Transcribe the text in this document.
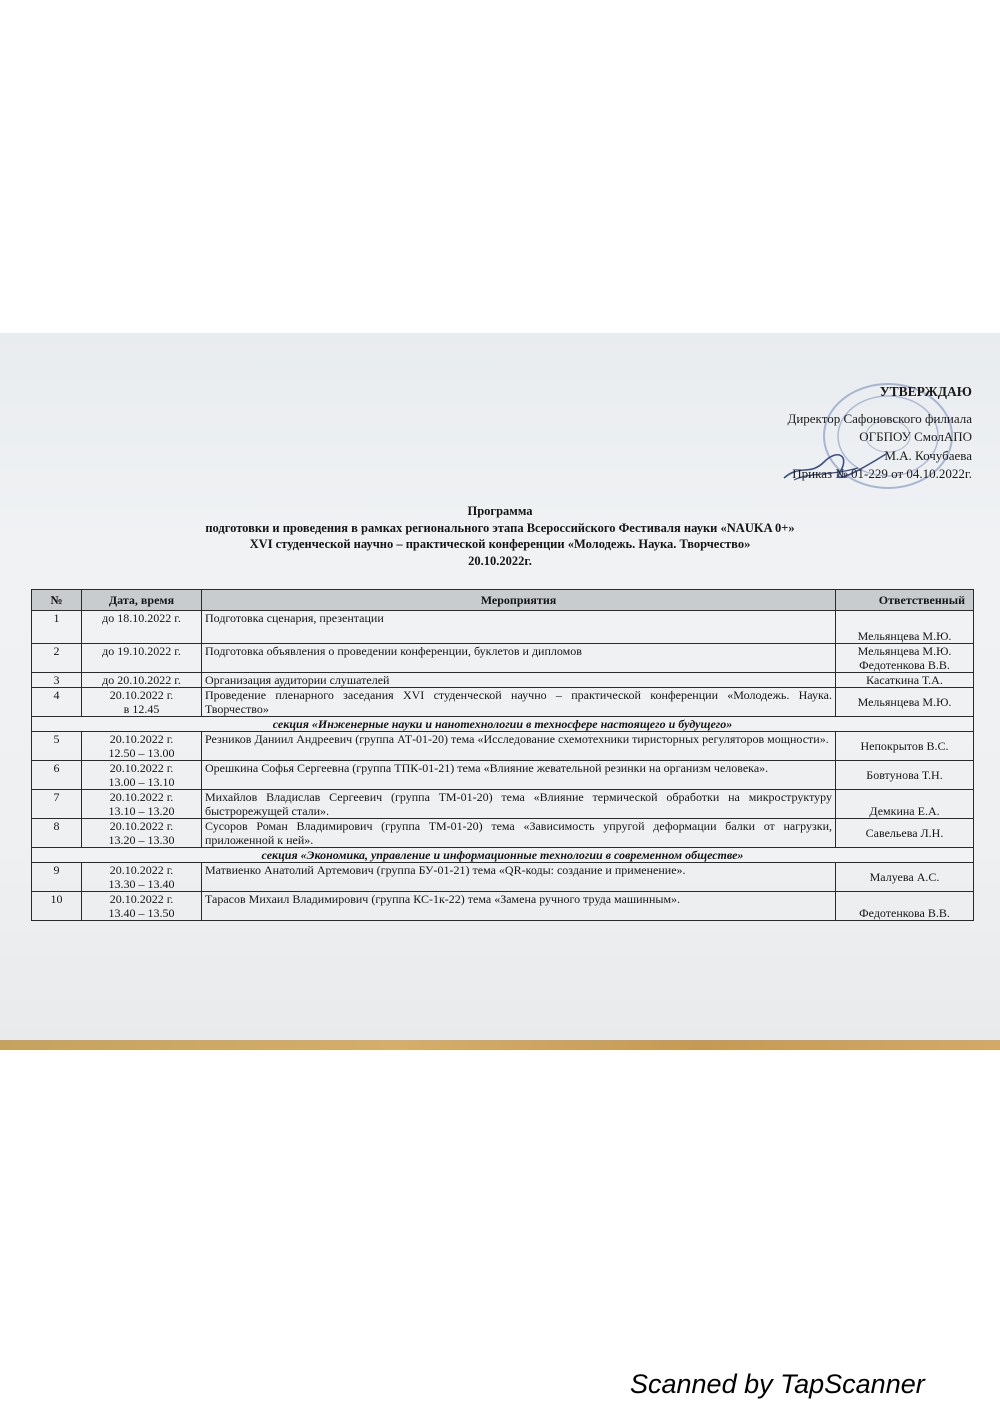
УТВЕРЖДАЮ
Директор Сафоновского филиала
ОГБПОУ СмолАПО
М.А. Кочубаева
Приказ № 01-229 от 04.10.2022г.
Программа
подготовки и проведения в рамках регионального этапа Всероссийского Фестиваля науки «NAUKA 0+»
XVI студенческой научно – практической конференции «Молодежь. Наука. Творчество»
20.10.2022г.
№	Дата, время	Мероприятия	Ответственный
1	до 18.10.2022 г.	Подготовка сценария, презентации	Мельянцева М.Ю.
2	до 19.10.2022 г.	Подготовка объявления о проведении конференции, буклетов и дипломов	Мельянцева М.Ю.
Федотенкова В.В.
3	до 20.10.2022 г.	Организация аудитории слушателей	Касаткина Т.А.
4	20.10.2022 г.
в 12.45	Проведение пленарного заседания XVI студенческой научно – практической конференции «Молодежь. Наука. Творчество»	Мельянцева М.Ю.
секция «Инженерные науки и нанотехнологии в техносфере настоящего и будущего»			
5	20.10.2022 г.
12.50 – 13.00	Резников Даниил Андреевич (группа АТ-01-20) тема «Исследование схемотехники тиристорных регуляторов мощности».	Непокрытов В.С.
6	20.10.2022 г.
13.00 – 13.10	Орешкина Софья Сергеевна (группа ТПК-01-21) тема «Влияние жевательной резинки на организм человека».	Бовтунова Т.Н.
7	20.10.2022 г.
13.10 – 13.20	Михайлов Владислав Сергеевич (группа ТМ-01-20) тема «Влияние термической обработки на микроструктуру быстрорежущей стали».	Демкина Е.А.
8	20.10.2022 г.
13.20 – 13.30	Сусоров Роман Владимирович (группа ТМ-01-20) тема «Зависимость упругой деформации балки от нагрузки, приложенной к ней».	Савельева Л.Н.
секция «Экономика, управление и информационные технологии в современном обществе»			
9	20.10.2022 г.
13.30 – 13.40	Матвиенко Анатолий Артемович (группа БУ-01-21) тема «QR-коды: создание и применение».	Малуева А.С.
10	20.10.2022 г.
13.40 – 13.50	Тарасов Михаил Владимирович (группа КС-1к-22) тема «Замена ручного труда машинным».	Федотенкова В.В.
Scanned by TapScanner
